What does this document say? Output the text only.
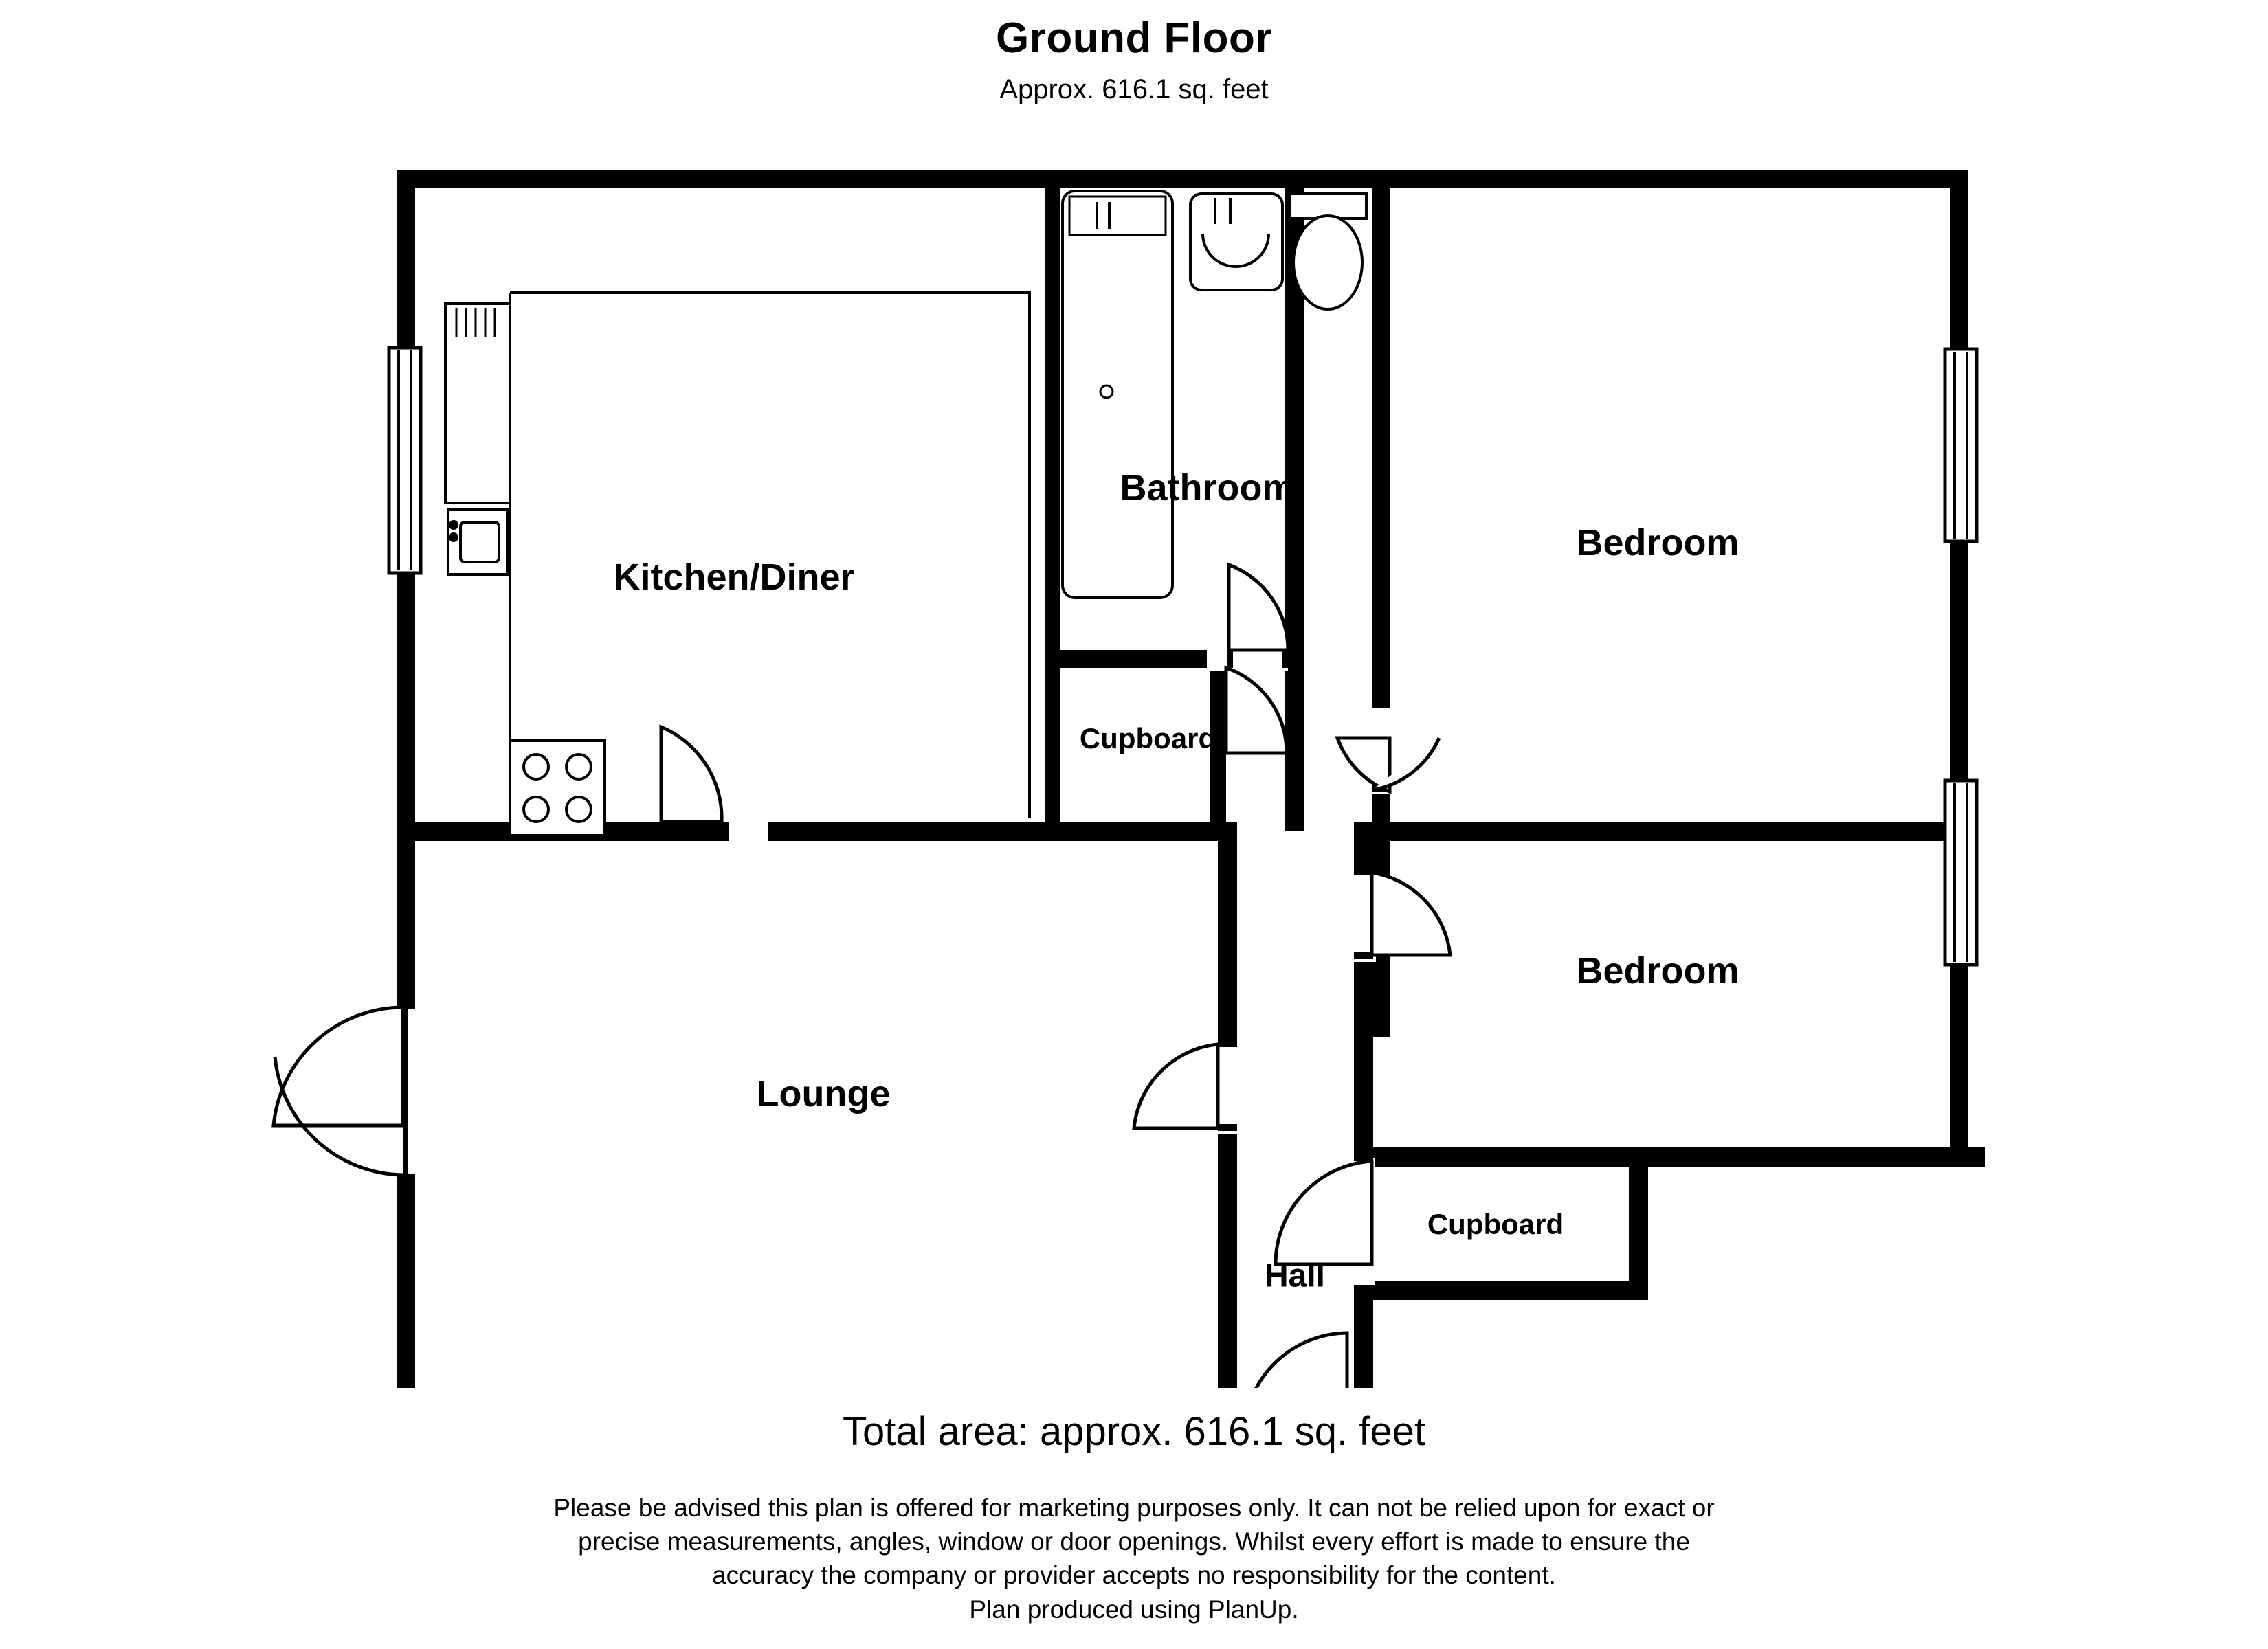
Ground Floor
Approx. 616.1 sq. feet
Kitchen/Diner
Bathroom
Cupboard
Bedroom
Bedroom
Lounge
Cupboard
Hall
Total area: approx. 616.1 sq. feet
Please be advised this plan is offered for marketing purposes only. It can not be relied upon for exact or
precise measurements, angles, window or door openings. Whilst every effort is made to ensure the
accuracy the company or provider accepts no responsibility for the content.
Plan produced using PlanUp.
